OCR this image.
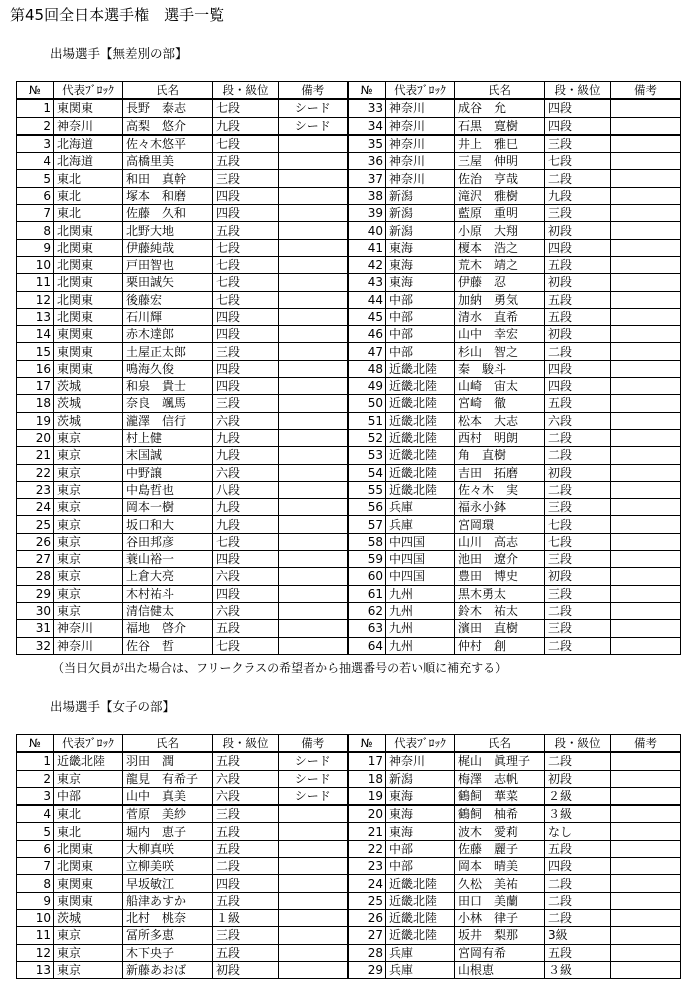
第45回全日本選手権　選手一覧
出場選手【無差別の部】
№	代表ﾌﾞﾛｯｸ	氏名	段・級位	備考	№	代表ﾌﾞﾛｯｸ	氏名	段・級位	備考
1	東関東	長野　泰志	七段	シード	33	神奈川	成谷　允	四段	
2	神奈川	高梨　悠介	九段	シード	34	神奈川	石黒　寛樹	四段	
3	北海道	佐々木悠平	七段		35	神奈川	井上　雅巳	三段	
4	北海道	高橋里美	五段		36	神奈川	三屋　伸明	七段	
5	東北	和田　真幹	三段		37	神奈川	佐治　亨哉	二段	
6	東北	塚本　和磨	四段		38	新潟	滝沢　雅樹	九段	
7	東北	佐藤　久和	四段		39	新潟	藍原　重明	三段	
8	北関東	北野大地	五段		40	新潟	小原　大翔	初段	
9	北関東	伊藤純哉	七段		41	東海	榎本　浩之	四段	
10	北関東	戸田智也	七段		42	東海	荒木　靖之	五段	
11	北関東	栗田誠矢	七段		43	東海	伊藤　忍	初段	
12	北関東	後藤宏	七段		44	中部	加納　勇気	五段	
13	北関東	石川輝	四段		45	中部	清水　直希	五段	
14	東関東	赤木達郎	四段		46	中部	山中　幸宏	初段	
15	東関東	土屋正太郎	三段		47	中部	杉山　智之	二段	
16	東関東	鳴海久俊	四段		48	近畿北陸	秦　駿斗	四段	
17	茨城	和泉　貴士	四段		49	近畿北陸	山崎　宙太	四段	
18	茨城	奈良　颯馬	三段		50	近畿北陸	宮崎　徹	五段	
19	茨城	瀧澤　信行	六段		51	近畿北陸	松本　大志	六段	
20	東京	村上健	九段		52	近畿北陸	西村　明朗	二段	
21	東京	末国誠	九段		53	近畿北陸	角　直樹	二段	
22	東京	中野譲	六段		54	近畿北陸	吉田　拓磨	初段	
23	東京	中島哲也	八段		55	近畿北陸	佐々木　実	二段	
24	東京	岡本一樹	九段		56	兵庫	福永小鉢	三段	
25	東京	坂口和大	九段		57	兵庫	宮岡環	七段	
26	東京	谷田邦彦	七段		58	中四国	山川　高志	七段	
27	東京	蓑山裕一	四段		59	中四国	池田　遼介	三段	
28	東京	上倉大亮	六段		60	中四国	豊田　博史	初段	
29	東京	木村祐斗	四段		61	九州	黒木勇太	三段	
30	東京	清信健太	六段		62	九州	鈴木　祐太	二段	
31	神奈川	福地　啓介	五段		63	九州	濱田　直樹	三段	
32	神奈川	佐谷　哲	七段		64	九州	仲村　創	二段	
（当日欠員が出た場合は、フリークラスの希望者から抽選番号の若い順に補充する）
出場選手【女子の部】
№	代表ﾌﾞﾛｯｸ	氏名	段・級位	備考	№	代表ﾌﾞﾛｯｸ	氏名	段・級位	備考
1	近畿北陸	羽田　潤	五段	シード	17	神奈川	梶山　眞理子	二段	
2	東京	龍見　有希子	六段	シード	18	新潟	梅澤　志帆	初段	
3	中部	山中　真美	六段	シード	19	東海	鶴飼　華菜	２級	
4	東北	菅原　美紗	三段		20	東海	鶴飼　柚希	３級	
5	東北	堀内　恵子	五段		21	東海	波木　愛莉	なし	
6	北関東	大柳真咲	五段		22	中部	佐藤　麗子	五段	
7	北関東	立柳美咲	二段		23	中部	岡本　晴美	四段	
8	東関東	早坂敏江	四段		24	近畿北陸	久松　美祐	二段	
9	東関東	船津あすか	五段		25	近畿北陸	田口　美蘭	二段	
10	茨城	北村　桃奈	１級		26	近畿北陸	小林　律子	二段	
11	東京	冨所多恵	三段		27	近畿北陸	坂井　梨那	3級	
12	東京	木下央子	五段		28	兵庫	宮岡有希	五段	
13	東京	新藤あおば	初段		29	兵庫	山根恵	３級	
